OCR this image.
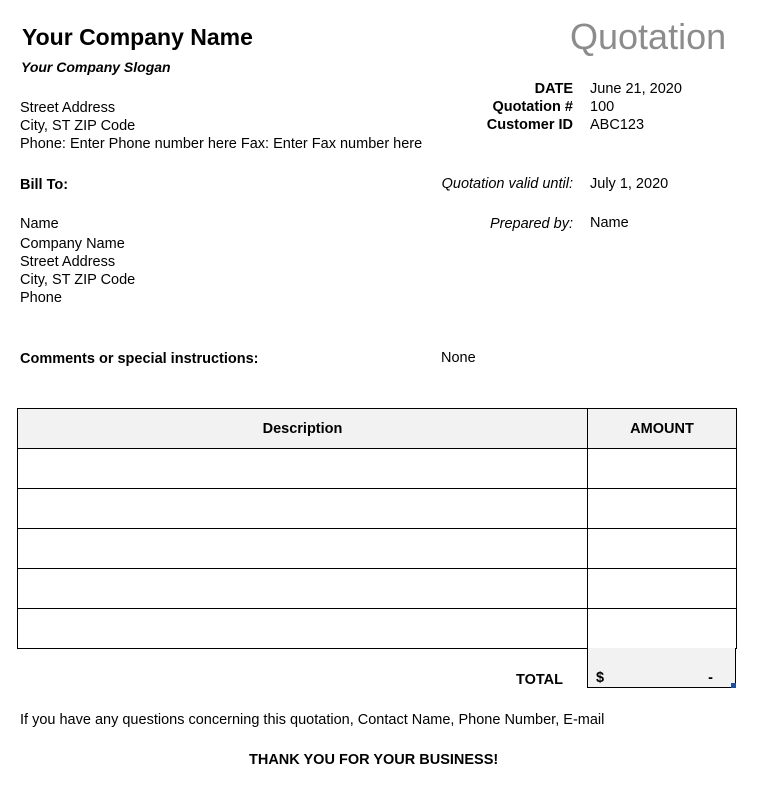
Your Company Name
Your Company Slogan
Quotation
Street Address
City, ST ZIP Code
Phone: Enter Phone number here Fax: Enter Fax number here
DATE June 21, 2020
Quotation # 100
Customer ID ABC123
Bill To:	Quotation valid until: July 1, 2020
Name
Company Name
Street Address
City, ST ZIP Code
Phone
Prepared by: Name
Comments or special instructions:	None
Description	AMOUNT

TOTAL $	-
If you have any questions concerning this quotation, Contact Name, Phone Number, E-mail
THANK YOU FOR YOUR BUSINESS!
